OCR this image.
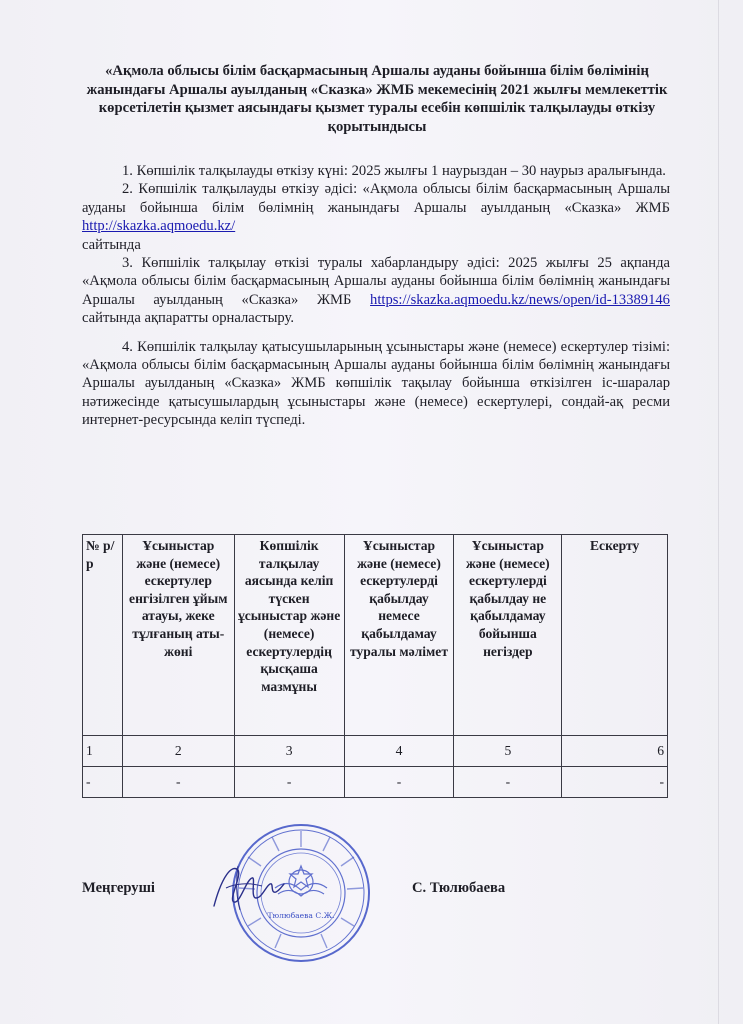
«Ақмола облысы білім басқармасының Аршалы ауданы бойынша білім бөлімінің жанындағы Аршалы ауылданың «Сказка» ЖМБ мекемесінің 2021 жылғы мемлекеттік көрсетілетін қызмет аясындағы қызмет туралы есебін көпшілік талқылауды өткізу қорытындысы

1. Көпшілік талқылауды өткізу күні: 2025 жылғы 1 наурыздан – 30 наурыз аралығында.

2. Көпшілік талқылауды өткізу әдісі: «Ақмола облысы білім басқармасының Аршалы ауданы бойынша білім бөлімнің жанындағы Аршалы ауылданың «Сказка» ЖМБ http://skazka.aqmoedu.kz/

сайтында

3. Көпшілік талқылау өткізі туралы хабарландыру әдісі: 2025 жылғы 25 ақпанда «Ақмола облысы білім басқармасының Аршалы ауданы бойынша білім бөлімнің жанындағы Аршалы ауылданың «Сказка» ЖМБ https://skazka.aqmoedu.kz/news/open/id-13389146 сайтында ақпаратты орналастыру.

4. Көпшілік талқылау қатысушыларының ұсыныстары және (немесе) ескертулер тізімі: «Ақмола облысы білім басқармасының Аршалы ауданы бойынша білім бөлімнің жанындағы Аршалы ауылданың «Сказка» ЖМБ көпшілік тақылау бойынша өткізілген іс-шаралар нәтижесінде қатысушылардың ұсыныстары және (немесе) ескертулері, сондай-ақ ресми интернет-ресурсында келіп түспеді.

№ р/р	Ұсыныстар және (немесе) ескертулер енгізілген ұйым атауы, жеке тұлғаның аты-жөні	Көпшілік талқылау аясында келіп түскен ұсыныстар және (немесе) ескертулердің қысқаша мазмұны	Ұсыныстар және (немесе) ескертулерді қабылдау немесе қабылдамау туралы мәлімет	Ұсыныстар және (немесе) ескертулерді қабылдау не қабылдамау бойынша негіздер	Ескерту
1	2	3	4	5	6
-	-	-	-	-	-
Меңгеруші	С. Тюлюбаева
Тюлюбаева С.Ж.
